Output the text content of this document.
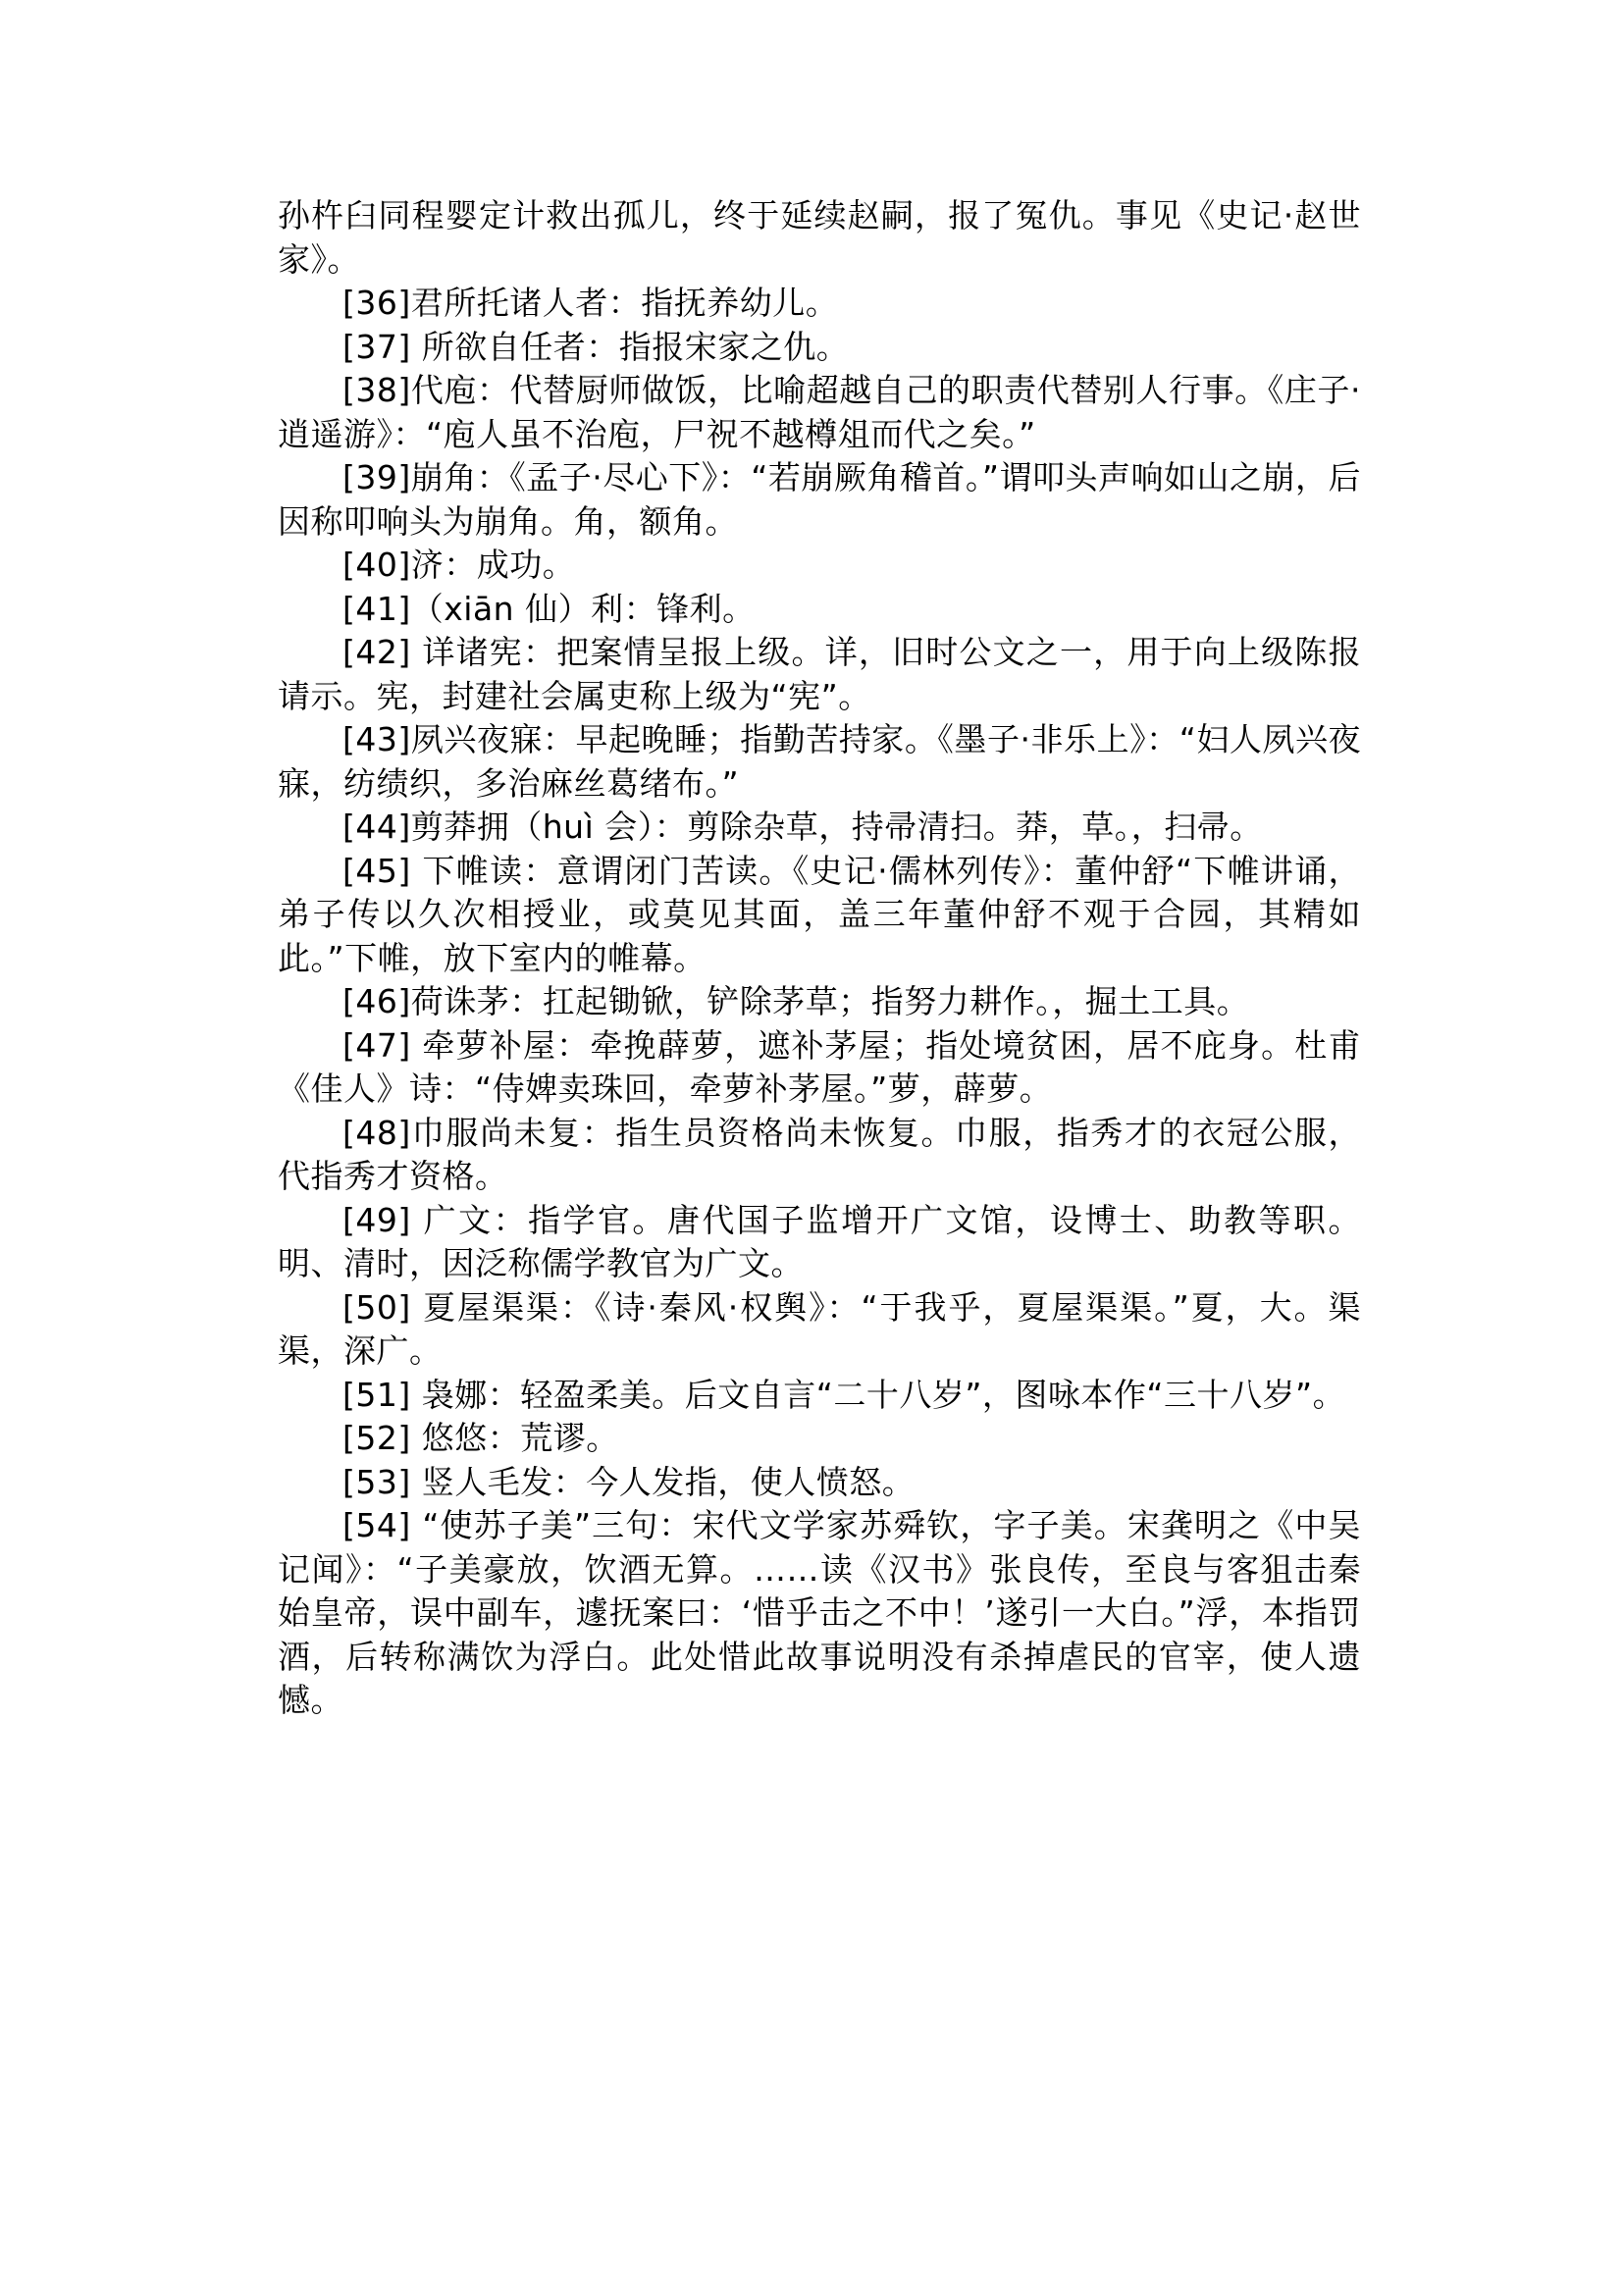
孙杵臼同程婴定计救出孤儿，终于延续赵嗣，报了冤仇。事见《史记·赵世家》。

[36]君所托诸人者：指抚养幼儿。

[37] 所欲自任者：指报宋家之仇。

[38]代庖：代替厨师做饭，比喻超越自己的职责代替别人行事。《庄子·逍遥游》：“庖人虽不治庖，尸祝不越樽俎而代之矣。”

[39]崩角：《孟子·尽心下》：“若崩厥角稽首。”谓叩头声响如山之崩，后因称叩响头为崩角。角，额角。

[40]济：成功。

[41]（xiān 仙）利：锋利。

[42] 详诸宪：把案情呈报上级。详，旧时公文之一，用于向上级陈报请示。宪，封建社会属吏称上级为“宪”。

[43]夙兴夜寐：早起晚睡；指勤苦持家。《墨子·非乐上》：“妇人夙兴夜寐，纺绩织，多治麻丝葛绪布。”

[44]剪莽拥（huì 会）：剪除杂草，持帚清扫。莽，草。，扫帚。

[45] 下帷读：意谓闭门苦读。《史记·儒林列传》：董仲舒“下帷讲诵，弟子传以久次相授业，或莫见其面，盖三年董仲舒不观于合园，其精如此。”下帷，放下室内的帷幕。

[46]荷诛茅：扛起锄锨，铲除茅草；指努力耕作。，掘土工具。

[47] 牵萝补屋：牵挽薜萝，遮补茅屋；指处境贫困，居不庇身。杜甫《佳人》诗：“侍婢卖珠回，牵萝补茅屋。”萝，薜萝。

[48]巾服尚未复：指生员资格尚未恢复。巾服，指秀才的衣冠公服，代指秀才资格。

[49] 广文：指学官。唐代国子监增开广文馆，设博士、助教等职。明、清时，因泛称儒学教官为广文。

[50] 夏屋渠渠：《诗·秦风·权舆》：“于我乎，夏屋渠渠。”夏，大。渠渠，深广。

[51] 袅娜：轻盈柔美。后文自言“二十八岁”，图咏本作“三十八岁”。

[52] 悠悠：荒谬。

[53] 竖人毛发：今人发指，使人愤怒。

[54] “使苏子美”三句：宋代文学家苏舜钦，字子美。宋龚明之《中吴记闻》：“子美豪放，饮酒无算。……读《汉书》张良传，至良与客狙击秦始皇帝，误中副车，遽抚案曰：‘惜乎击之不中！’遂引一大白。”浮，本指罚酒，后转称满饮为浮白。此处惜此故事说明没有杀掉虐民的官宰，使人遗憾。
